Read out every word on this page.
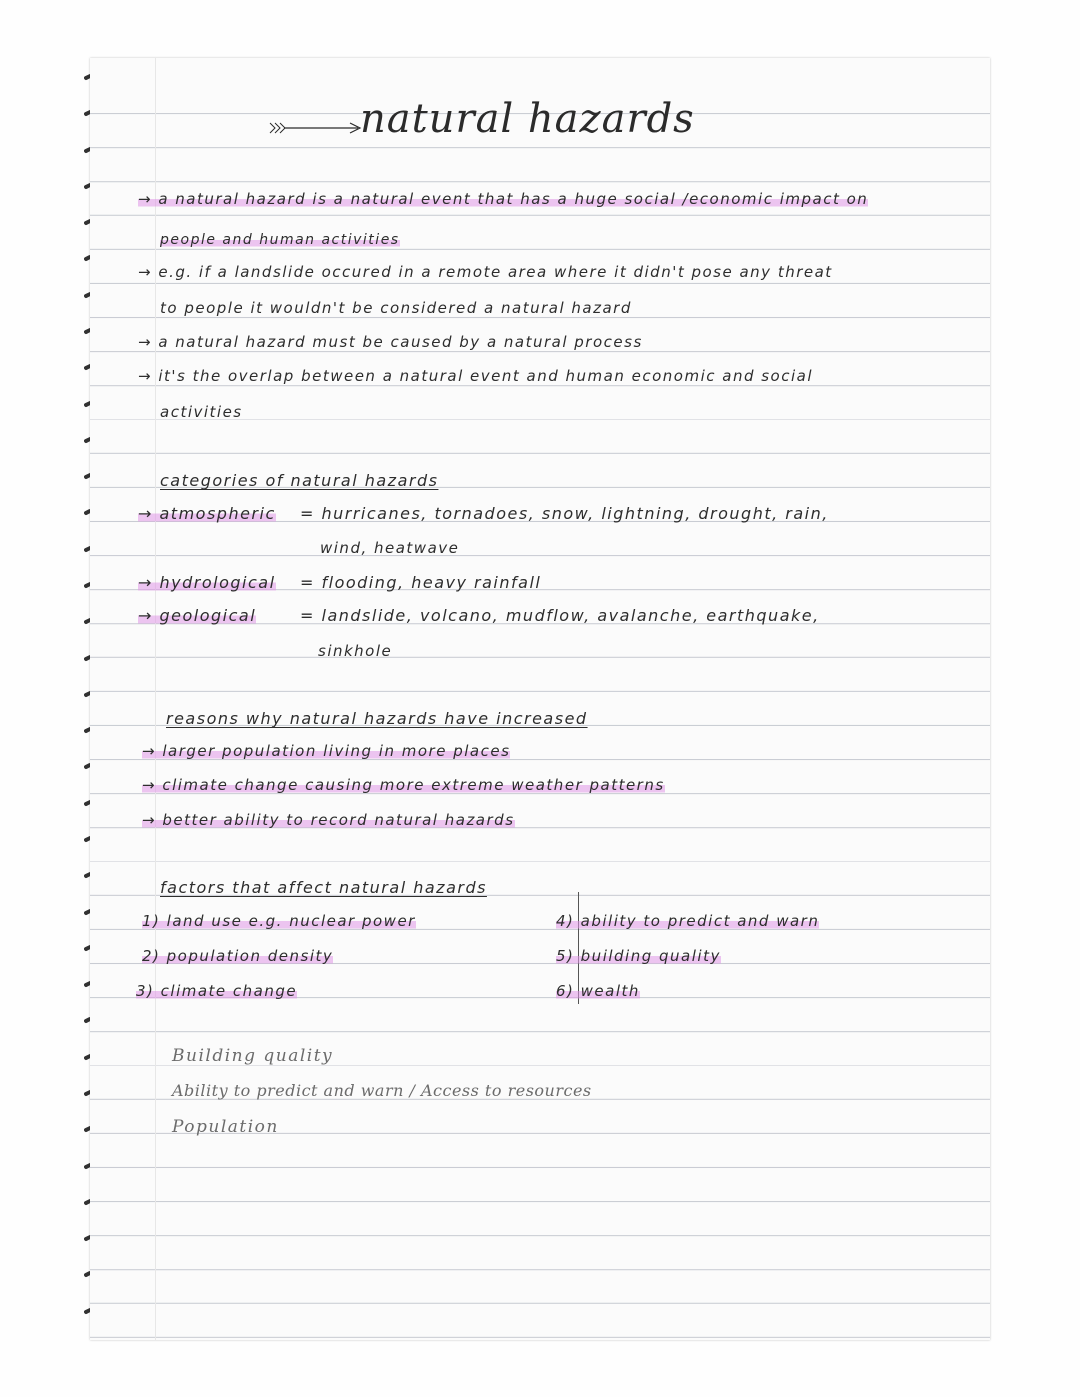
natural hazards
→ a natural hazard is a natural event that has a huge social /economic impact on
people and human activities
→ e.g. if a landslide occured in a remote area where it didn't pose any threat
to people it wouldn't be considered a natural hazard
→ a natural hazard must be caused by a natural process
→ it's the overlap between a natural event and human economic and social
activities
categories of natural hazards
→ atmospheric = hurricanes, tornadoes, snow, lightning, drought, rain,
wind, heatwave
→ hydrological = flooding, heavy rainfall
→ geological	= landslide, volcano, mudflow, avalanche, earthquake,
sinkhole
reasons why natural hazards have increased
→ larger population living in more places
→ climate change causing more extreme weather patterns
→ better ability to record natural hazards
factors that affect natural hazards
1) land use e.g. nuclear power
2) population density
3) climate change
4) ability to predict and warn
5) building quality
6) wealth
Building quality
Ability to predict and warn / Access to resources
Population
